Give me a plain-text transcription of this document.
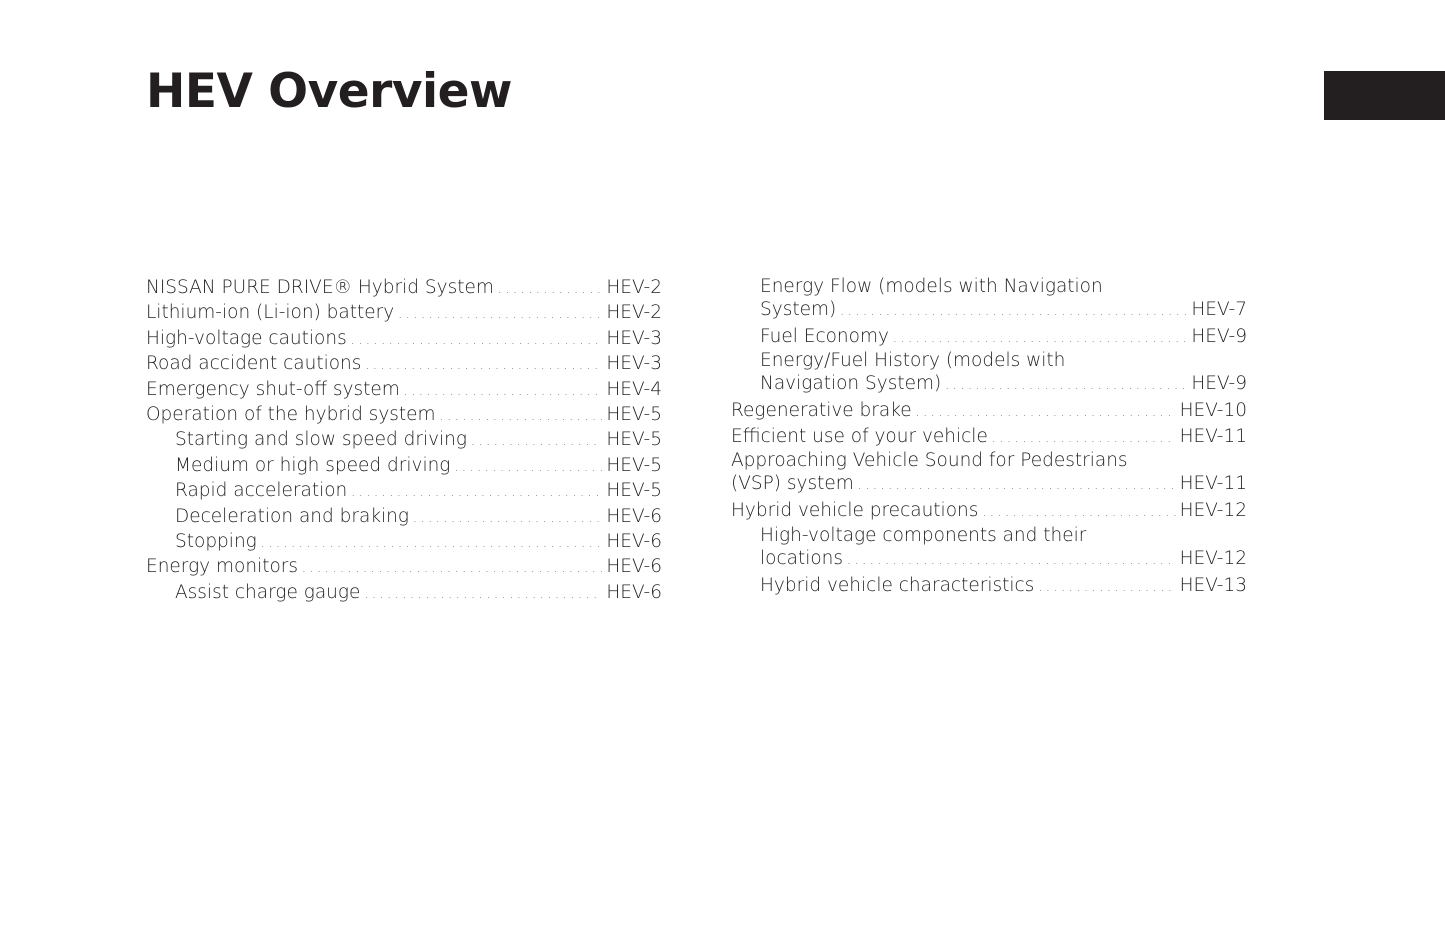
HEV Overview
NISSAN PURE DRIVE® Hybrid System . . .	HEV-2
Lithium-ion (Li-ion) battery . . .	HEV-2
High-voltage cautions . . .	HEV-3
Road accident cautions . . .	HEV-3
Emergency shut-off system . . .	HEV-4
Operation of the hybrid system . . .	HEV-5
Starting and slow speed driving . . .	HEV-5
Medium or high speed driving . . .	HEV-5
Rapid acceleration . . .	HEV-5
Deceleration and braking . . .	HEV-6
Stopping . . .	HEV-6
Energy monitors . . .	HEV-6
Assist charge gauge . . .	HEV-6
Energy Flow (models with Navigation
System) . . .	HEV-7
Fuel Economy . . .	HEV-9
Energy/Fuel History (models with
Navigation System) . . .	HEV-9
Regenerative brake . . .	HEV-10
Efficient use of your vehicle . . .	HEV-11
Approaching Vehicle Sound for Pedestrians
(VSP) system . . .	HEV-11
Hybrid vehicle precautions . . .	HEV-12
High-voltage components and their
locations . . .	HEV-12
Hybrid vehicle characteristics . . .	HEV-13
